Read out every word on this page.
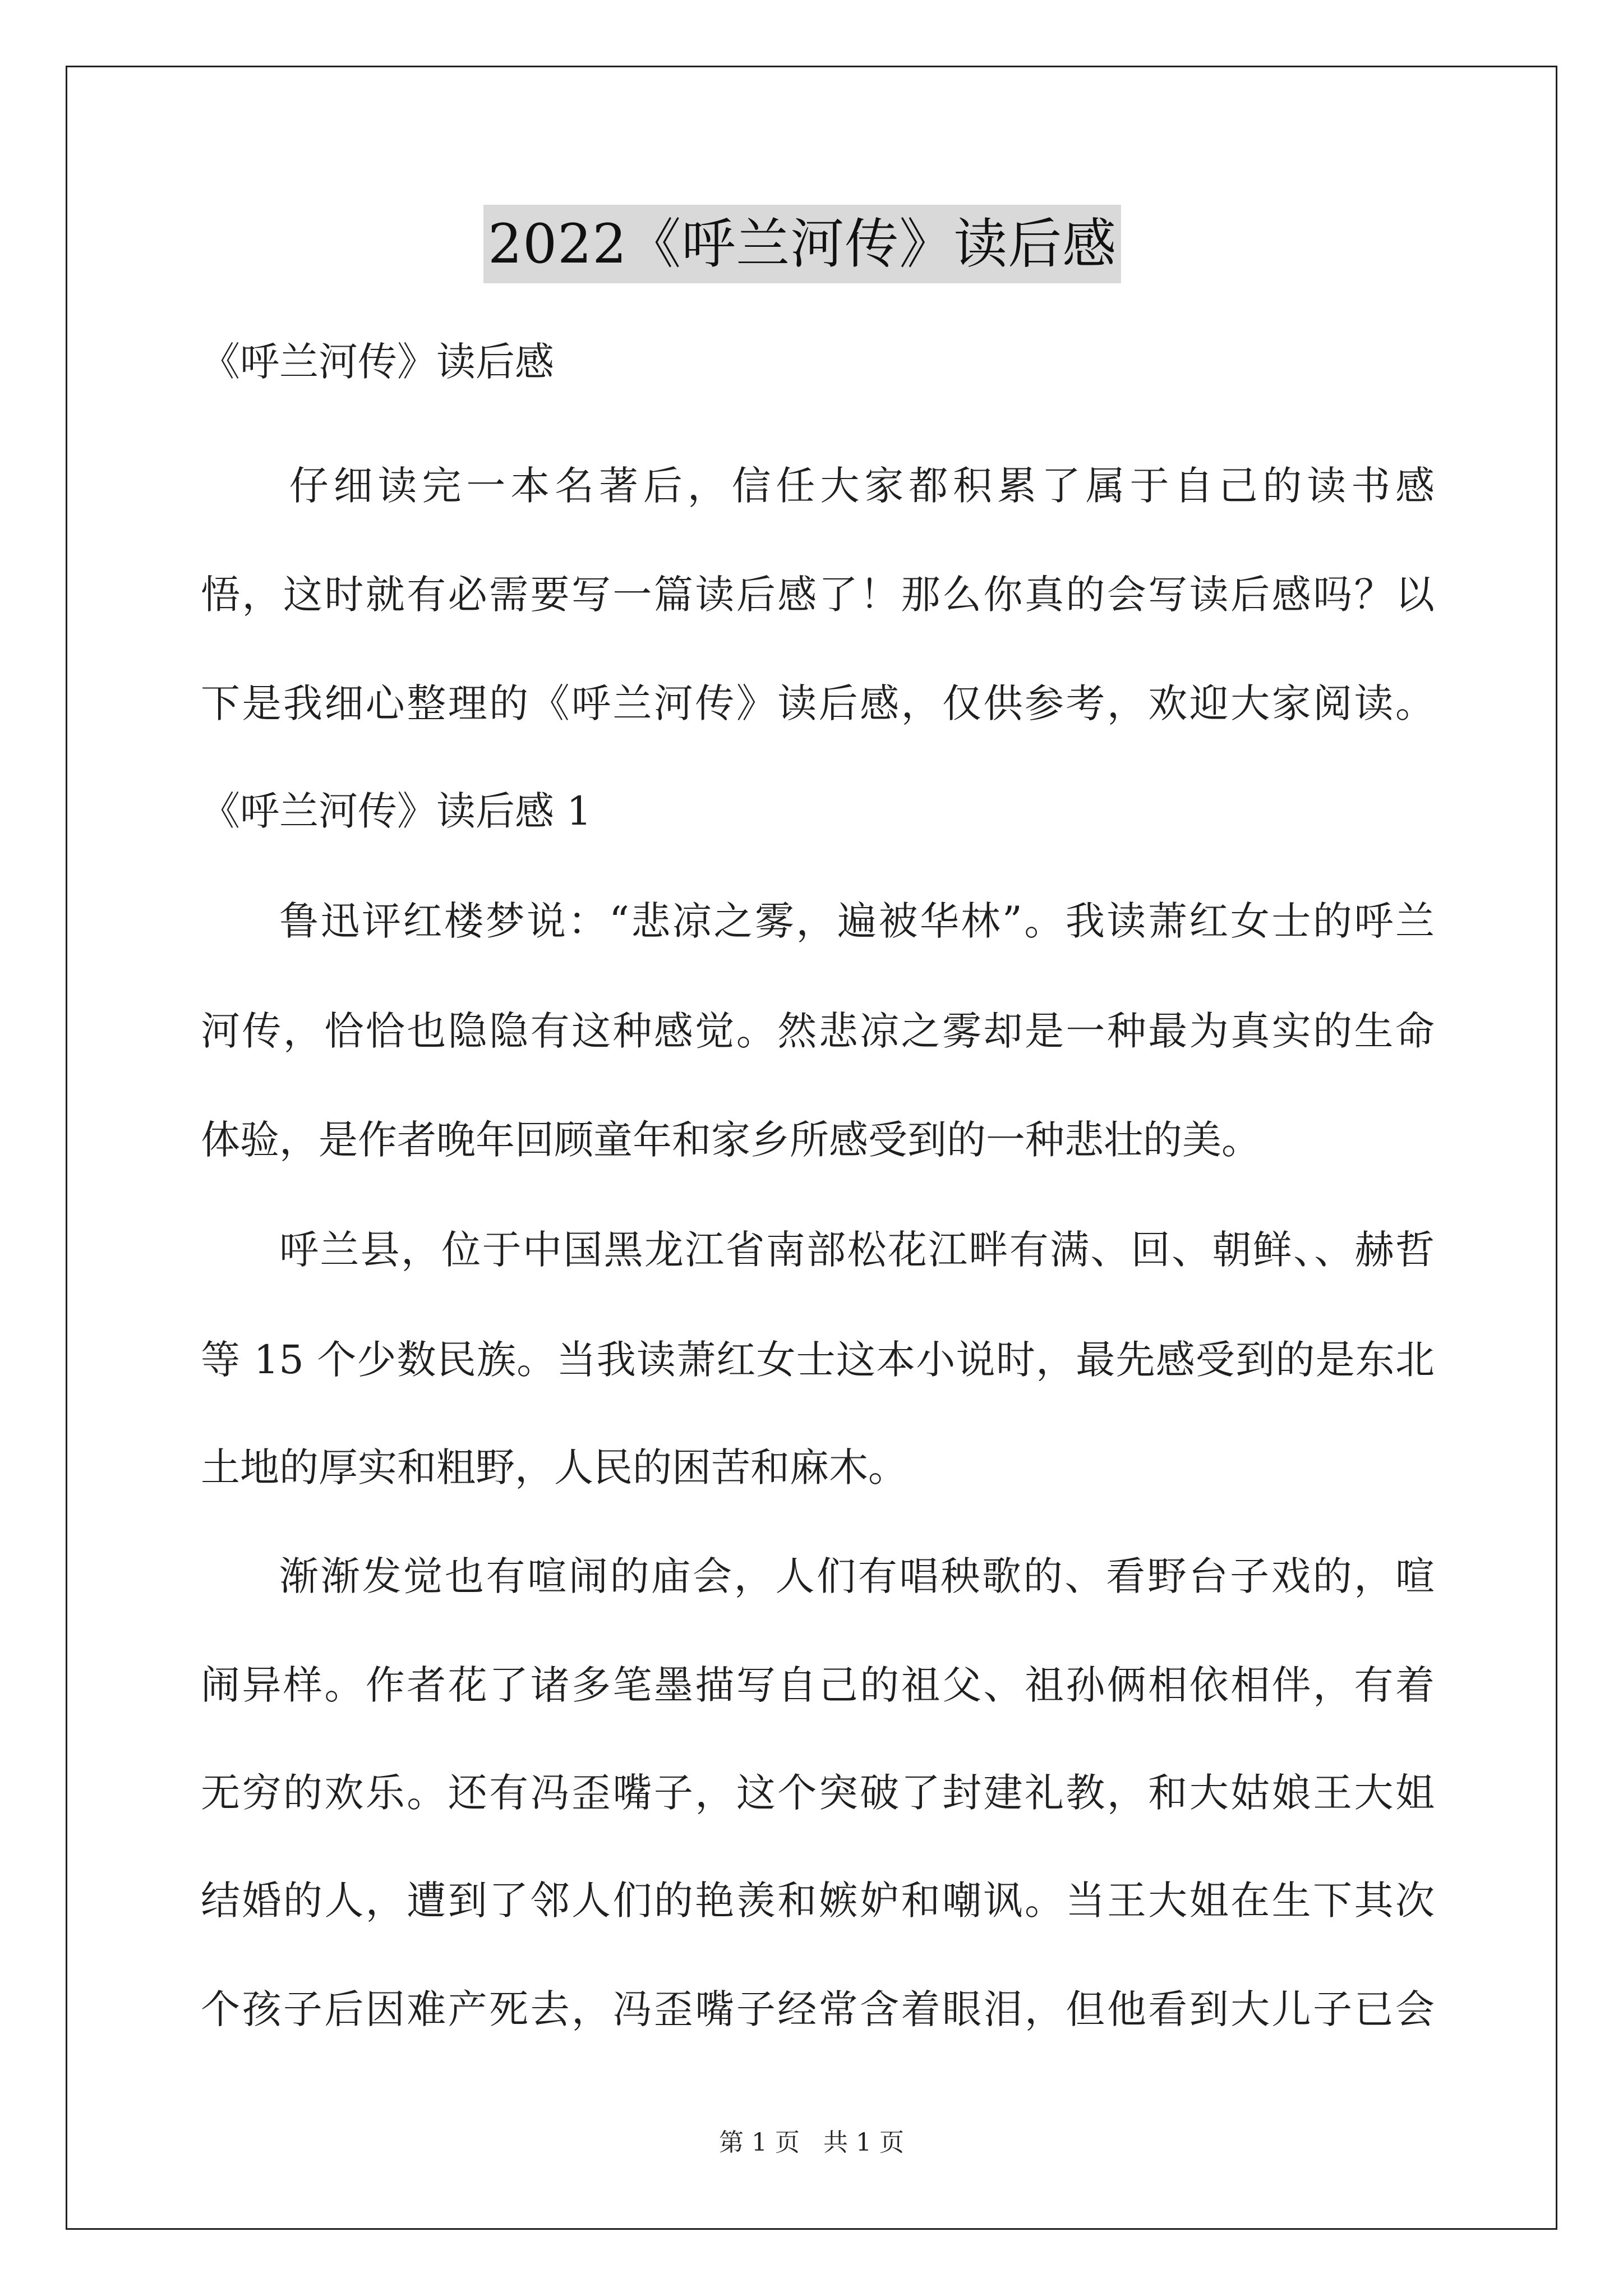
2022《呼兰河传》读后感
《呼兰河传》读后感
　　仔细读完一本名著后，信任大家都积累了属于自己的读书感
悟，这时就有必需要写一篇读后感了！那么你真的会写读后感吗？以
下是我细心整理的《呼兰河传》读后感，仅供参考，欢迎大家阅读。
《呼兰河传》读后感 1
鲁迅评红楼梦说：“悲凉之雾，遍被华林”。我读萧红女士的呼兰
河传，恰恰也隐隐有这种感觉。然悲凉之雾却是一种最为真实的生命
体验，是作者晚年回顾童年和家乡所感受到的一种悲壮的美。
呼兰县，位于中国黑龙江省南部松花江畔有满、回、朝鲜、、赫哲
等 15 个少数民族。当我读萧红女士这本小说时，最先感受到的是东北
土地的厚实和粗野，人民的困苦和麻木。
渐渐发觉也有喧闹的庙会，人们有唱秧歌的、看野台子戏的，喧
闹异样。作者花了诸多笔墨描写自己的祖父、祖孙俩相依相伴，有着
无穷的欢乐。还有冯歪嘴子，这个突破了封建礼教，和大姑娘王大姐
结婚的人，遭到了邻人们的艳羡和嫉妒和嘲讽。当王大姐在生下其次
个孩子后因难产死去，冯歪嘴子经常含着眼泪，但他看到大儿子已会
第 1 页 共 1 页
